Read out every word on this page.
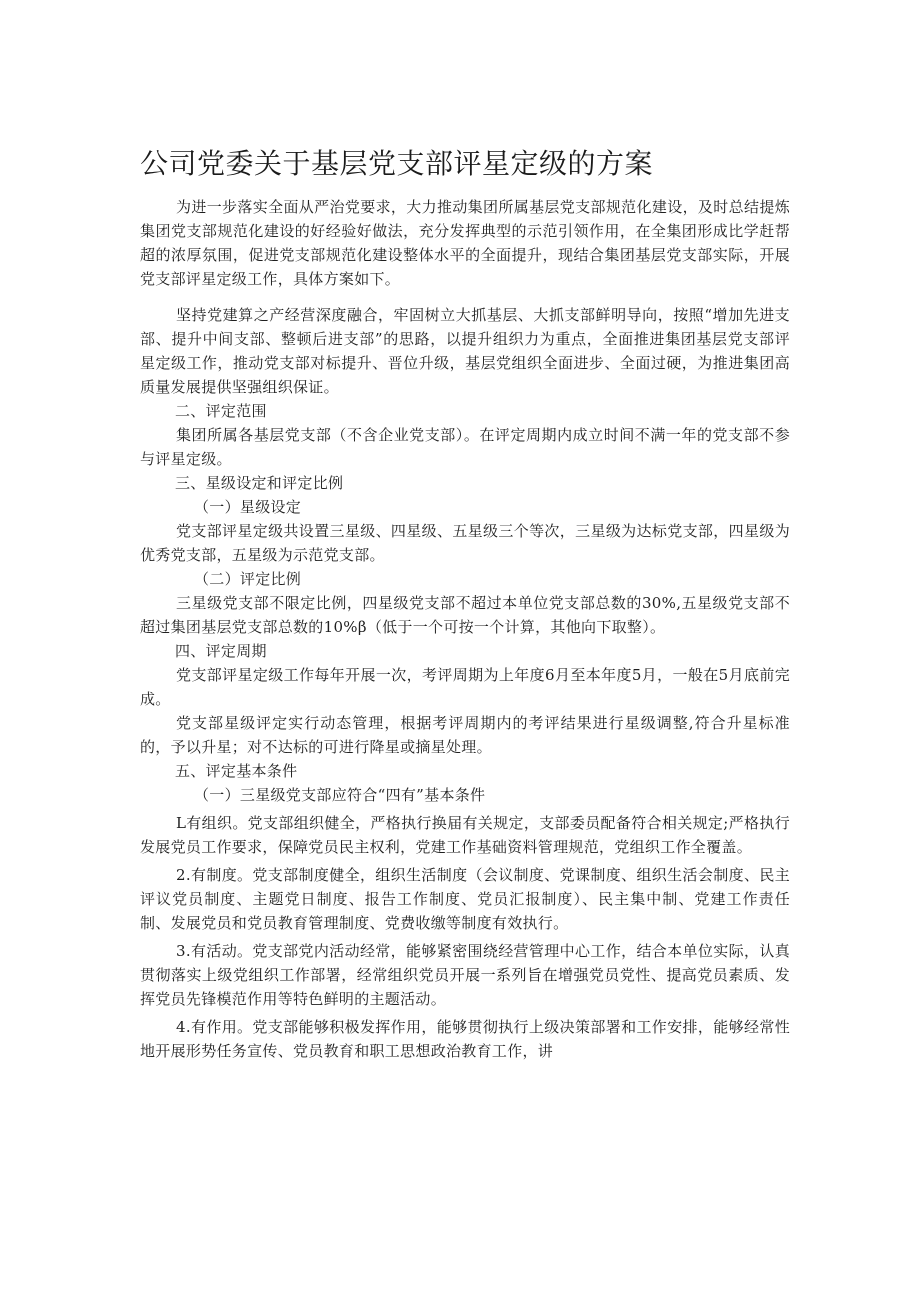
公司党委关于基层党支部评星定级的方案

为进一步落实全面从严治党要求，大力推动集团所属基层党支部规范化建设，及时总结提炼集团党支部规范化建设的好经验好做法，充分发挥典型的示范引领作用，在全集团形成比学赶帮超的浓厚氛围，促进党支部规范化建设整体水平的全面提升，现结合集团基层党支部实际，开展党支部评星定级工作，具体方案如下。

坚持党建算之产经营深度融合，牢固树立大抓基层、大抓支部鲜明导向，按照“增加先进支部、提升中间支部、整顿后进支部”的思路，以提升组织力为重点，全面推进集团基层党支部评星定级工作，推动党支部对标提升、晋位升级，基层党组织全面进步、全面过硬，为推进集团高质量发展提供坚强组织保证。

二、评定范围

集团所属各基层党支部（不含企业党支部）。在评定周期内成立时间不满一年的党支部不参与评星定级。

三、星级设定和评定比例

（一）星级设定

党支部评星定级共设置三星级、四星级、五星级三个等次，三星级为达标党支部，四星级为优秀党支部，五星级为示范党支部。

（二）评定比例

三星级党支部不限定比例，四星级党支部不超过本单位党支部总数的30%,五星级党支部不超过集团基层党支部总数的10%β（低于一个可按一个计算，其他向下取整）。

四、评定周期

党支部评星定级工作每年开展一次，考评周期为上年度6月至本年度5月，一般在5月底前完成。

党支部星级评定实行动态管理，根据考评周期内的考评结果进行星级调整,符合升星标准的，予以升星；对不达标的可进行降星或摘星处理。

五、评定基本条件

（一）三星级党支部应符合“四有”基本条件

L有组织。党支部组织健全，严格执行换届有关规定，支部委员配备符合相关规定;严格执行发展党员工作要求，保障党员民主权利，党建工作基础资料管理规范，党组织工作全覆盖。

2.有制度。党支部制度健全，组织生活制度（会议制度、党课制度、组织生活会制度、民主评议党员制度、主题党日制度、报告工作制度、党员汇报制度）、民主集中制、党建工作责任制、发展党员和党员教育管理制度、党费收缴等制度有效执行。

3.有活动。党支部党内活动经常，能够紧密围绕经营管理中心工作，结合本单位实际，认真贯彻落实上级党组织工作部署，经常组织党员开展一系列旨在增强党员党性、提高党员素质、发挥党员先锋模范作用等特色鲜明的主题活动。

4.有作用。党支部能够积极发挥作用，能够贯彻执行上级决策部署和工作安排，能够经常性地开展形势任务宣传、党员教育和职工思想政治教育工作，讲
